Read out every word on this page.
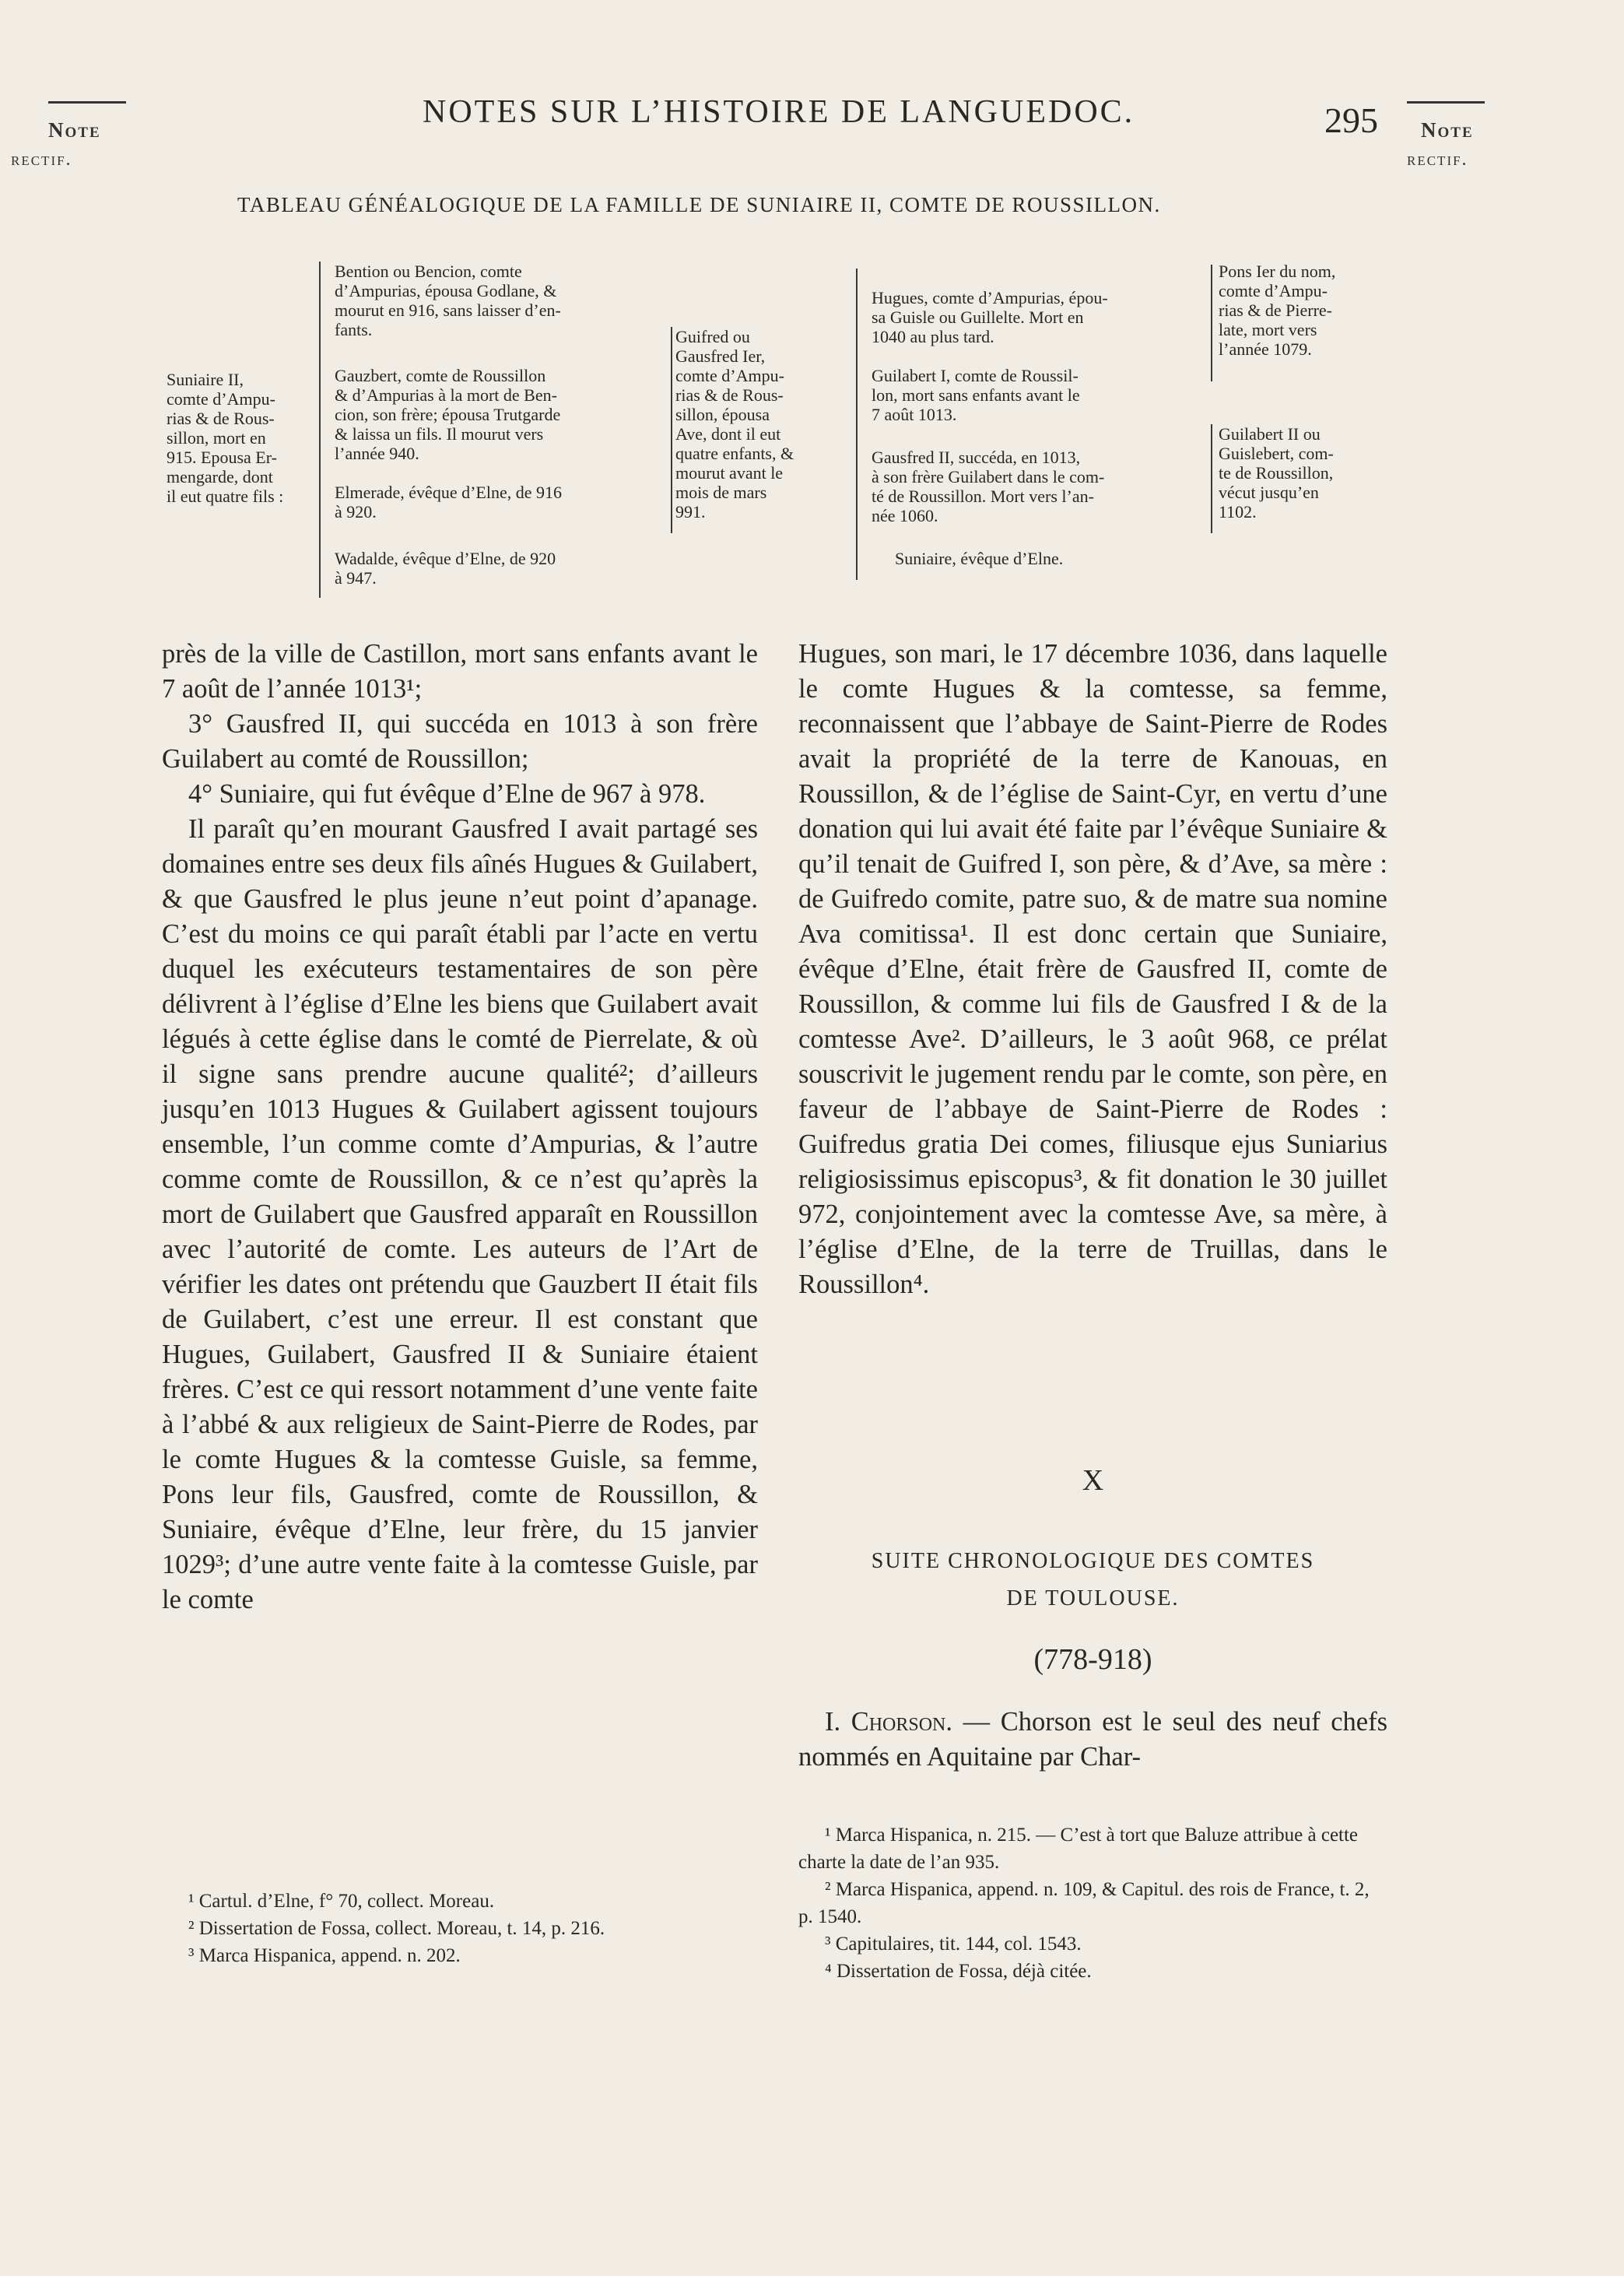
Note
rectif.
Note
rectif.
NOTES SUR L’HISTOIRE DE LANGUEDOC.	295
TABLEAU GÉNÉALOGIQUE DE LA FAMILLE DE SUNIAIRE II, COMTE DE ROUSSILLON.
Suniaire II,
comte d’Ampu-
rias & de Rous-
sillon, mort en
915. Epousa Er-
mengarde, dont
il eut quatre fils :
Bention ou Bencion, comte
d’Ampurias, épousa Godlane, &
mourut en 916, sans laisser d’en-
fants.
Gauzbert, comte de Roussillon
& d’Ampurias à la mort de Ben-
cion, son frère; épousa Trutgarde
& laissa un fils. Il mourut vers
l’année 940.
Elmerade, évêque d’Elne, de 916
à 920.
Wadalde, évêque d’Elne, de 920
à 947.
Guifred ou
Gausfred Ier,
comte d’Ampu-
rias & de Rous-
sillon, épousa
Ave, dont il eut
quatre enfants, &
mourut avant le
mois de mars
991.
Hugues, comte d’Ampurias, épou-
sa Guisle ou Guillelte. Mort en
1040 au plus tard.
Guilabert I, comte de Roussil-
lon, mort sans enfants avant le
7 août 1013.
Gausfred II, succéda, en 1013,
à son frère Guilabert dans le com-
té de Roussillon. Mort vers l’an-
née 1060.
Suniaire, évêque d’Elne.
Pons Ier du nom,
comte d’Ampu-
rias & de Pierre-
late, mort vers
l’année 1079.
Guilabert II ou
Guislebert, com-
te de Roussillon,
vécut jusqu’en
1102.

près de la ville de Castillon, mort sans enfants avant le 7 août de l’année 1013¹;

3° Gausfred II, qui succéda en 1013 à son frère Guilabert au comté de Roussillon;

4° Suniaire, qui fut évêque d’Elne de 967 à 978.

Il paraît qu’en mourant Gausfred I avait partagé ses domaines entre ses deux fils aînés Hugues & Guilabert, & que Gausfred le plus jeune n’eut point d’apanage. C’est du moins ce qui paraît établi par l’acte en vertu duquel les exécuteurs testamentaires de son père délivrent à l’église d’Elne les biens que Guilabert avait légués à cette église dans le comté de Pierrelate, & où il signe sans prendre aucune qualité²; d’ailleurs jusqu’en 1013 Hugues & Guilabert agissent toujours ensemble, l’un comme comte d’Ampurias, & l’autre comme comte de Roussillon, & ce n’est qu’après la mort de Guilabert que Gausfred apparaît en Roussillon avec l’autorité de comte. Les auteurs de l’Art de vérifier les dates ont prétendu que Gauzbert II était fils de Guilabert, c’est une erreur. Il est constant que Hugues, Guilabert, Gausfred II & Suniaire étaient frères. C’est ce qui ressort notamment d’une vente faite à l’abbé & aux religieux de Saint-Pierre de Rodes, par le comte Hugues & la comtesse Guisle, sa femme, Pons leur fils, Gausfred, comte de Roussillon, & Suniaire, évêque d’Elne, leur frère, du 15 janvier 1029³; d’une autre vente faite à la comtesse Guisle, par le comte

¹ Cartul. d’Elne, f° 70, collect. Moreau.

² Dissertation de Fossa, collect. Moreau, t. 14, p. 216.

³ Marca Hispanica, append. n. 202.

Hugues, son mari, le 17 décembre 1036, dans laquelle le comte Hugues & la comtesse, sa femme, reconnaissent que l’abbaye de Saint-Pierre de Rodes avait la propriété de la terre de Kanouas, en Roussillon, & de l’église de Saint-Cyr, en vertu d’une donation qui lui avait été faite par l’évêque Suniaire & qu’il tenait de Guifred I, son père, & d’Ave, sa mère : de Guifredo comite, patre suo, & de matre sua nomine Ava comitissa¹. Il est donc certain que Suniaire, évêque d’Elne, était frère de Gausfred II, comte de Roussillon, & comme lui fils de Gausfred I & de la comtesse Ave². D’ailleurs, le 3 août 968, ce prélat souscrivit le jugement rendu par le comte, son père, en faveur de l’abbaye de Saint-Pierre de Rodes : Guifredus gratia Dei comes, filiusque ejus Suniarius religiosissimus episcopus³, & fit donation le 30 juillet 972, conjointement avec la comtesse Ave, sa mère, à l’église d’Elne, de la terre de Truillas, dans le Roussillon⁴.

X
SUITE CHRONOLOGIQUE DES COMTES
DE TOULOUSE.
(778-918)

I. Chorson. — Chorson est le seul des neuf chefs nommés en Aquitaine par Char-

¹ Marca Hispanica, n. 215. — C’est à tort que Baluze attribue à cette charte la date de l’an 935.

² Marca Hispanica, append. n. 109, & Capitul. des rois de France, t. 2, p. 1540.

³ Capitulaires, tit. 144, col. 1543.

⁴ Dissertation de Fossa, déjà citée.
